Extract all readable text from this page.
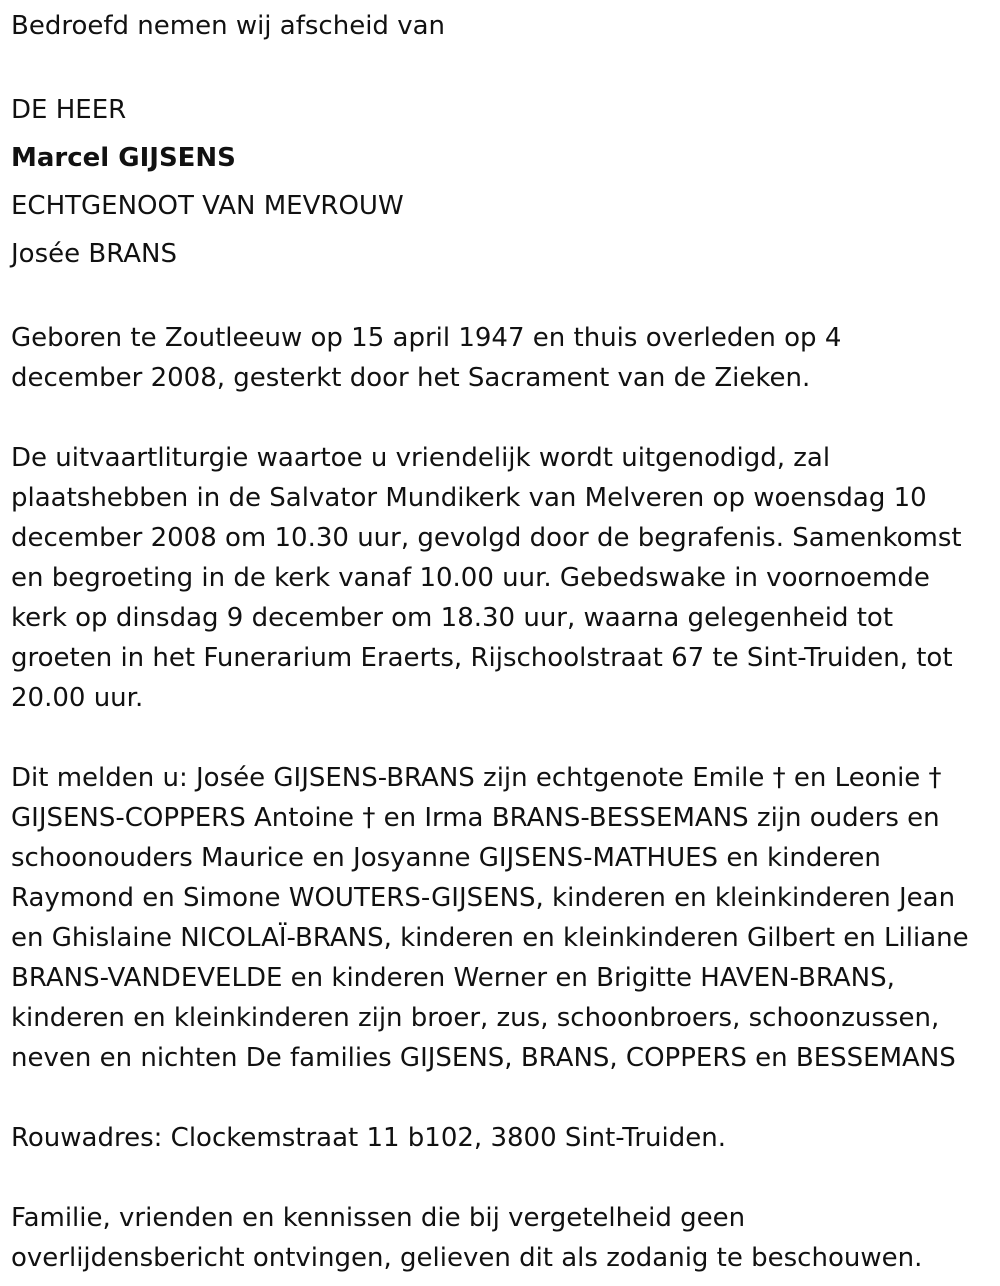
Bedroefd nemen wij afscheid van

DE HEER

Marcel GIJSENS

ECHTGENOOT VAN MEVROUW

Josée BRANS

Geboren te Zoutleeuw op 15 april 1947 en thuis overleden op 4

december 2008, gesterkt door het Sacrament van de Zieken.

De uitvaartliturgie waartoe u vriendelijk wordt uitgenodigd, zal

plaatshebben in de Salvator Mundikerk van Melveren op woensdag 10

december 2008 om 10.30 uur, gevolgd door de begrafenis. Samenkomst

en begroeting in de kerk vanaf 10.00 uur. Gebedswake in voornoemde

kerk op dinsdag 9 december om 18.30 uur, waarna gelegenheid tot

groeten in het Funerarium Eraerts, Rijschoolstraat 67 te Sint-Truiden, tot

20.00 uur.

Dit melden u: Josée GIJSENS-BRANS zijn echtgenote Emile † en Leonie †

GIJSENS-COPPERS Antoine † en Irma BRANS-BESSEMANS zijn ouders en

schoonouders Maurice en Josyanne GIJSENS-MATHUES en kinderen

Raymond en Simone WOUTERS-GIJSENS, kinderen en kleinkinderen Jean

en Ghislaine NICOLAÏ-BRANS, kinderen en kleinkinderen Gilbert en Liliane

BRANS-VANDEVELDE en kinderen Werner en Brigitte HAVEN-BRANS,

kinderen en kleinkinderen zijn broer, zus, schoonbroers, schoonzussen,

neven en nichten De families GIJSENS, BRANS, COPPERS en BESSEMANS

Rouwadres: Clockemstraat 11 b102, 3800 Sint-Truiden.

Familie, vrienden en kennissen die bij vergetelheid geen

overlijdensbericht ontvingen, gelieven dit als zodanig te beschouwen.
